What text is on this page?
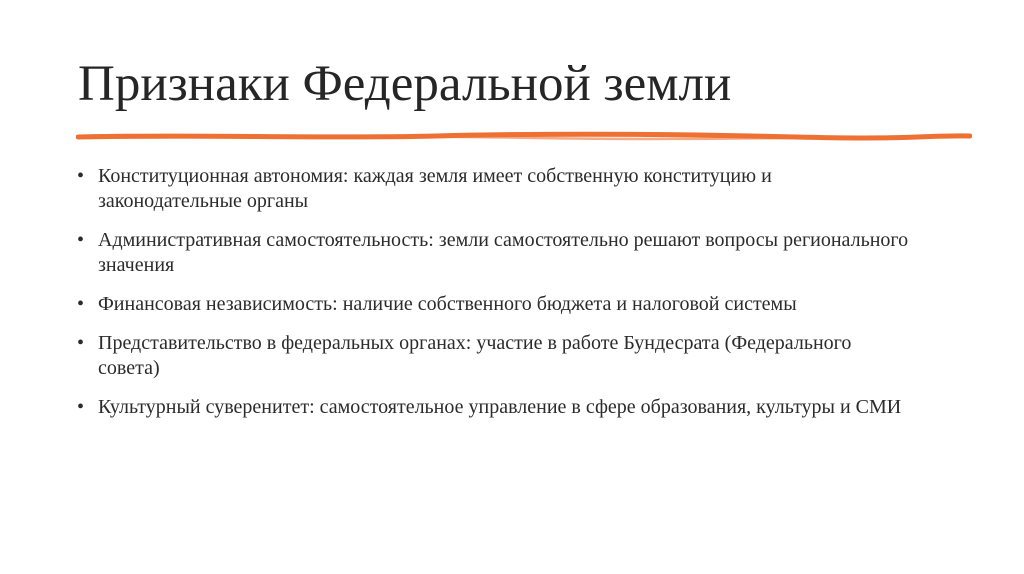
Признаки Федеральной земли
• Конституционная автономия: каждая земля имеет собственную конституцию и законодательные органы
• Административная самостоятельность: земли самостоятельно решают вопросы регионального значения
• Финансовая независимость: наличие собственного бюджета и налоговой системы
• Представительство в федеральных органах: участие в работе Бундесрата (Федерального совета)
• Культурный суверенитет: самостоятельное управление в сфере образования, культуры и СМИ
